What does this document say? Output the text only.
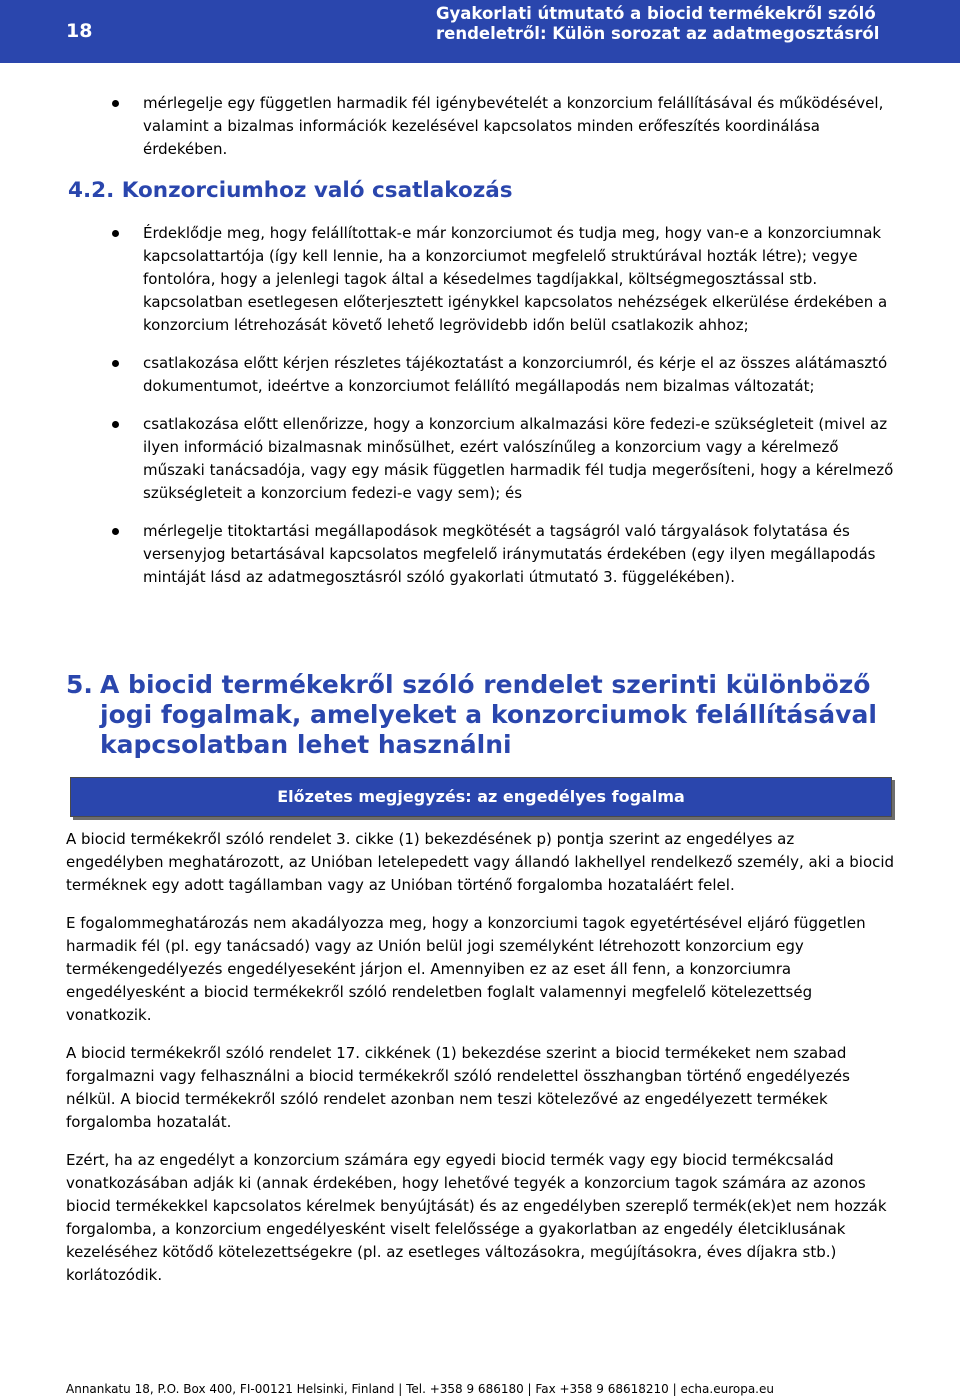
18
Gyakorlati útmutató a biocid termékekről szóló
rendeletről: Külön sorozat az adatmegosztásról
mérlegelje egy független harmadik fél igénybevételét a konzorcium felállításával és működésével, valamint a bizalmas információk kezelésével kapcsolatos minden erőfeszítés koordinálása érdekében.
4.2. Konzorciumhoz való csatlakozás
Érdeklődje meg, hogy felállítottak-e már konzorciumot és tudja meg, hogy van-e a konzorciumnak kapcsolattartója (így kell lennie, ha a konzorciumot megfelelő struktúrával hozták létre); vegye fontolóra, hogy a jelenlegi tagok által a késedelmes tagdíjakkal, költségmegosztással stb. kapcsolatban esetlegesen előterjesztett igénykkel kapcsolatos nehézségek elkerülése érdekében a konzorcium létrehozását követő lehető legrövidebb időn belül csatlakozik ahhoz;
csatlakozása előtt kérjen részletes tájékoztatást a konzorciumról, és kérje el az összes alátámasztó dokumentumot, ideértve a konzorciumot felállító megállapodás nem bizalmas változatát;
csatlakozása előtt ellenőrizze, hogy a konzorcium alkalmazási köre fedezi-e szükségleteit (mivel az ilyen információ bizalmasnak minősülhet, ezért valószínűleg a konzorcium vagy a kérelmező műszaki tanácsadója, vagy egy másik független harmadik fél tudja megerősíteni, hogy a kérelmező szükségleteit a konzorcium fedezi-e vagy sem); és
mérlegelje titoktartási megállapodások megkötését a tagságról való tárgyalások folytatása és versenyjog betartásával kapcsolatos megfelelő iránymutatás érdekében (egy ilyen megállapodás mintáját lásd az adatmegosztásról szóló gyakorlati útmutató 3. függelékében).
5. A biocid termékekről szóló rendelet szerinti különböző
jogi fogalmak, amelyeket a konzorciumok felállításával
kapcsolatban lehet használni
Előzetes megjegyzés: az engedélyes fogalma

A biocid termékekről szóló rendelet 3. cikke (1) bekezdésének p) pontja szerint az engedélyes az engedélyben meghatározott, az Unióban letelepedett vagy állandó lakhellyel rendelkező személy, aki a biocid terméknek egy adott tagállamban vagy az Unióban történő forgalomba hozataláért felel.

E fogalommeghatározás nem akadályozza meg, hogy a konzorciumi tagok egyetértésével eljáró független harmadik fél (pl. egy tanácsadó) vagy az Unión belül jogi személyként létrehozott konzorcium egy termékengedélyezés engedélyeseként járjon el. Amennyiben ez az eset áll fenn, a konzorciumra engedélyesként a biocid termékekről szóló rendeletben foglalt valamennyi megfelelő kötelezettség vonatkozik.

A biocid termékekről szóló rendelet 17. cikkének (1) bekezdése szerint a biocid termékeket nem szabad forgalmazni vagy felhasználni a biocid termékekről szóló rendelettel összhangban történő engedélyezés nélkül. A biocid termékekről szóló rendelet azonban nem teszi kötelezővé az engedélyezett termékek forgalomba hozatalát.

Ezért, ha az engedélyt a konzorcium számára egy egyedi biocid termék vagy egy biocid termékcsalád vonatkozásában adják ki (annak érdekében, hogy lehetővé tegyék a konzorcium tagok számára az azonos biocid termékekkel kapcsolatos kérelmek benyújtását) és az engedélyben szereplő termék(ek)et nem hozzák forgalomba, a konzorcium engedélyesként viselt felelőssége a gyakorlatban az engedély életciklusának kezeléséhez kötődő kötelezettségekre (pl. az esetleges változásokra, megújításokra, éves díjakra stb.) korlátozódik.

Annankatu 18, P.O. Box 400, FI-00121 Helsinki, Finland | Tel. +358 9 686180 | Fax +358 9 68618210 | echa.europa.eu
